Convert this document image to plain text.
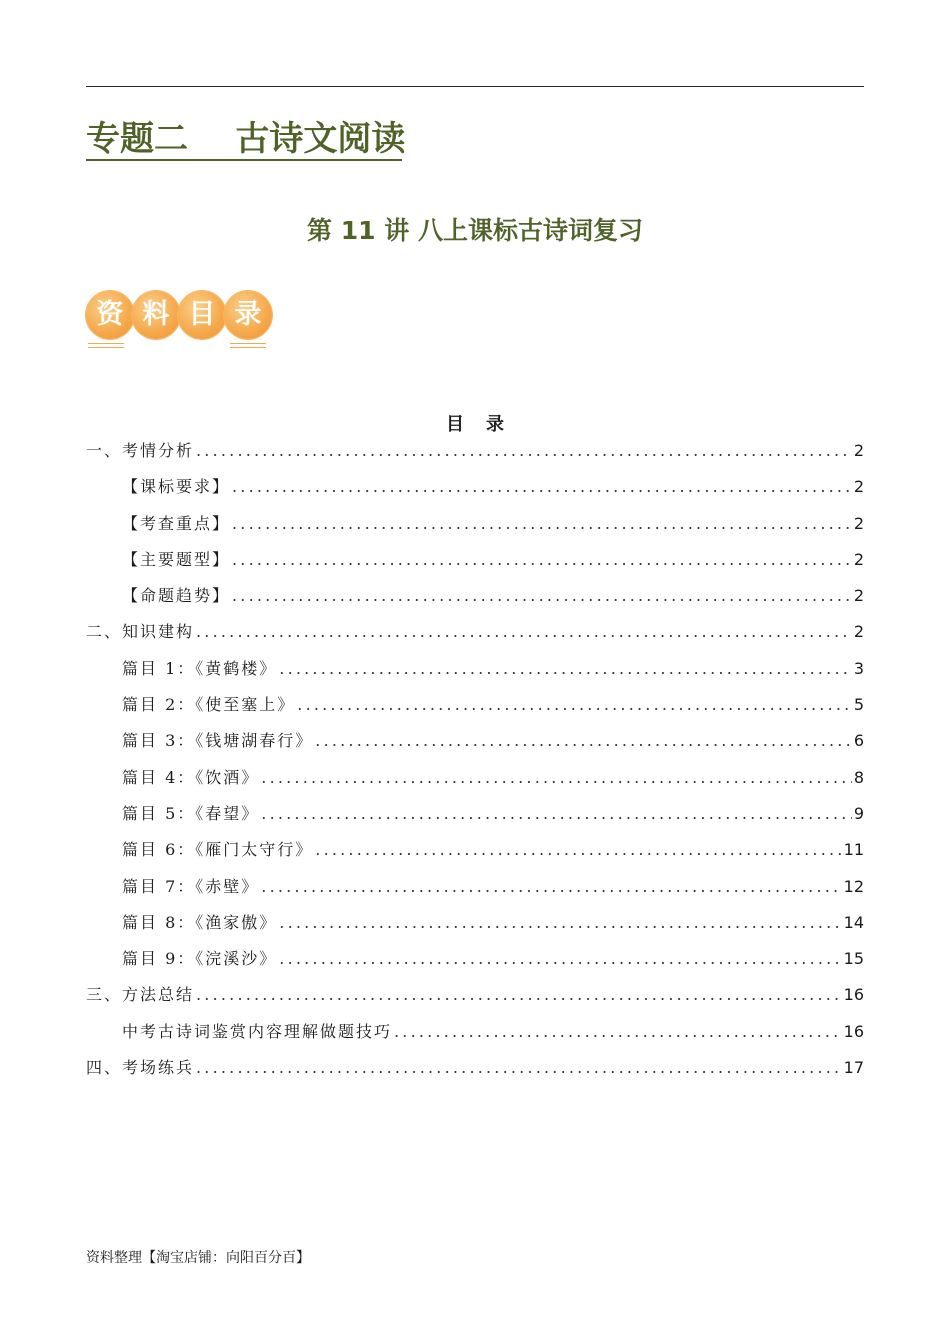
专题二    古诗文阅读
第 11 讲 八上课标古诗词复习
资 料 目 录
目录
一、考情分析 .....	2
【课标要求】 .....	2
【考查重点】 .....	2
【主要题型】 .....	2
【命题趋势】 .....	2
二、知识建构 .....	2
篇目 1：《黄鹤楼》 .....	3
篇目 2：《使至塞上》 .....	5
篇目 3：《钱塘湖春行》 .....	6
篇目 4：《饮酒》 .....	8
篇目 5：《春望》 .....	9
篇目 6：《雁门太守行》 .....	11
篇目 7：《赤壁》 .....	12
篇目 8：《渔家傲》 .....	14
篇目 9：《浣溪沙》 .....	15
三、方法总结 .....	16
中考古诗词鉴赏内容理解做题技巧 .....	16
四、考场练兵 .....	17
资料整理【淘宝店铺：向阳百分百】
